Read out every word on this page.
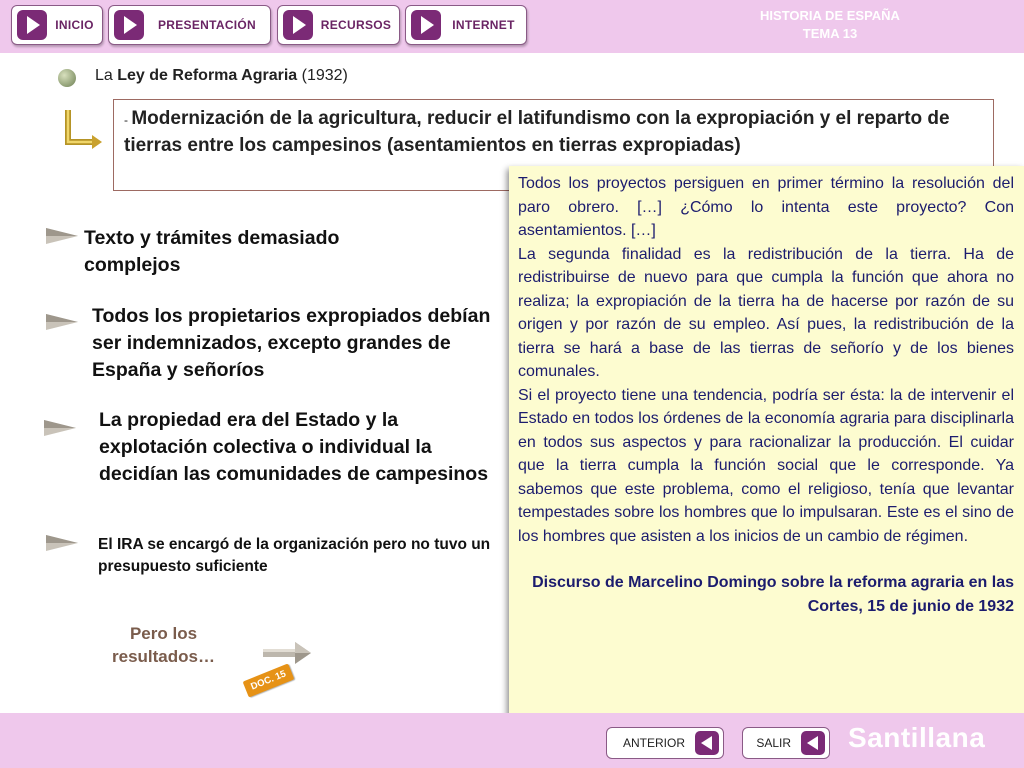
INICIO	PRESENTACIÓN	RECURSOS	INTERNET
HISTORIA DE ESPAÑA
TEMA 13
La Ley de Reforma Agraria (1932)
- Modernización de la agricultura, reducir el latifundismo con la expropiación y el reparto de tierras entre los campesinos (asentamientos en tierras expropiadas)
Texto y trámites demasiado complejos
Todos los propietarios expropiados debían ser indemnizados, excepto grandes de España y señoríos
La propiedad era del Estado y la explotación colectiva o individual la decidían las comunidades de campesinos
El IRA se encargó de la organización pero no tuvo un presupuesto suficiente
Pero los resultados…
DOC. 15

Todos los proyectos persiguen en primer término la resolución del paro obrero. […] ¿Cómo lo intenta este proyecto? Con asentamientos. […]

La segunda finalidad es la redistribución de la tierra. Ha de redistribuirse de nuevo para que cumpla la función que ahora no realiza; la expropiación de la tierra ha de hacerse por razón de su origen y por razón de su empleo. Así pues, la redistribución de la tierra se hará a base de las tierras de señorío y de los bienes comunales.

Si el proyecto tiene una tendencia, podría ser ésta: la de intervenir el Estado en todos los órdenes de la economía agraria para disciplinarla en todos sus aspectos y para racionalizar la producción. El cuidar que la tierra cumpla la función social que le corresponde. Ya sabemos que este problema, como el religioso, tenía que levantar tempestades sobre los hombres que lo impulsaran. Este es el sino de los hombres que asisten a los inicios de un cambio de régimen.

Discurso de Marcelino Domingo sobre la reforma agraria en las Cortes, 15 de junio de 1932

ANTERIOR	SALIR Santillana
